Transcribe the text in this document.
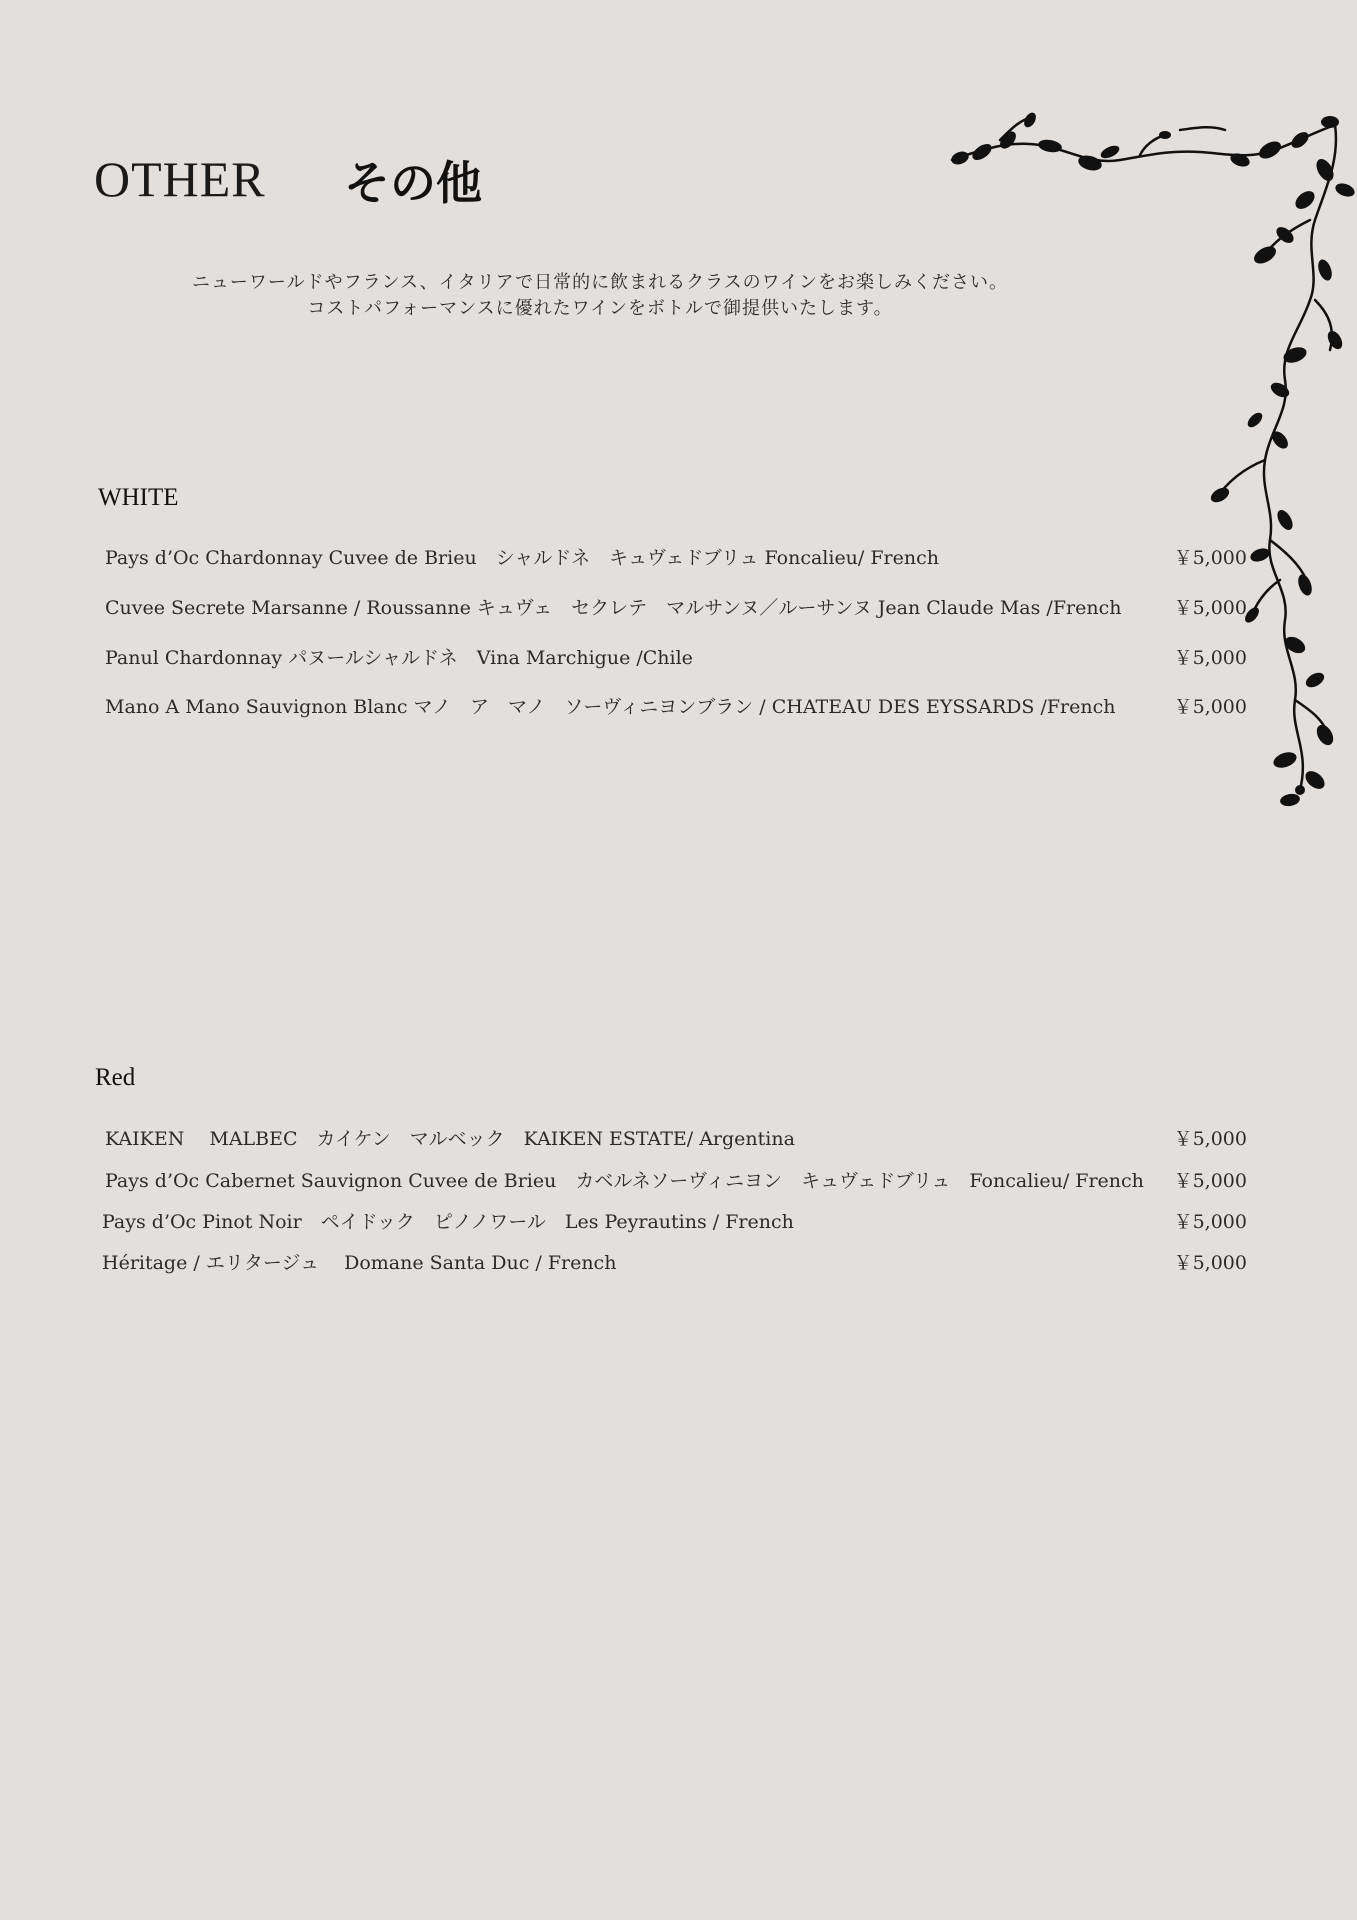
OTHER その他

ニューワールドやフランス、イタリアで日常的に飲まれるクラスのワインをお楽しみください。

コストパフォーマンスに優れたワインをボトルで御提供いたします。

WHITE
Pays d’Oc Chardonnay Cuvee de Brieu　シャルドネ　キュヴェドブリュ Foncalieu/ French	￥5,000
Cuvee Secrete Marsanne / Roussanne キュヴェ　セクレテ　マルサンヌ／ルーサンヌ Jean Claude Mas /French	￥5,000
Panul Chardonnay パヌールシャルドネ　Vina Marchigue /Chile	￥5,000
Mano A Mano Sauvignon Blanc マノ　ア　マノ　ソーヴィニヨンブラン / CHATEAU DES EYSSARDS /French	￥5,000
Red
KAIKEN　 MALBEC　カイケン　マルベック　KAIKEN ESTATE/ Argentina	￥5,000
Pays d’Oc Cabernet Sauvignon Cuvee de Brieu　カベルネソーヴィニヨン　キュヴェドブリュ　Foncalieu/ French ￥5,000
Pays d’Oc Pinot Noir　ペイドック　ピノノワール　Les Peyrautins / French	￥5,000
Héritage / エリタージュ　 Domane Santa Duc / French	￥5,000
